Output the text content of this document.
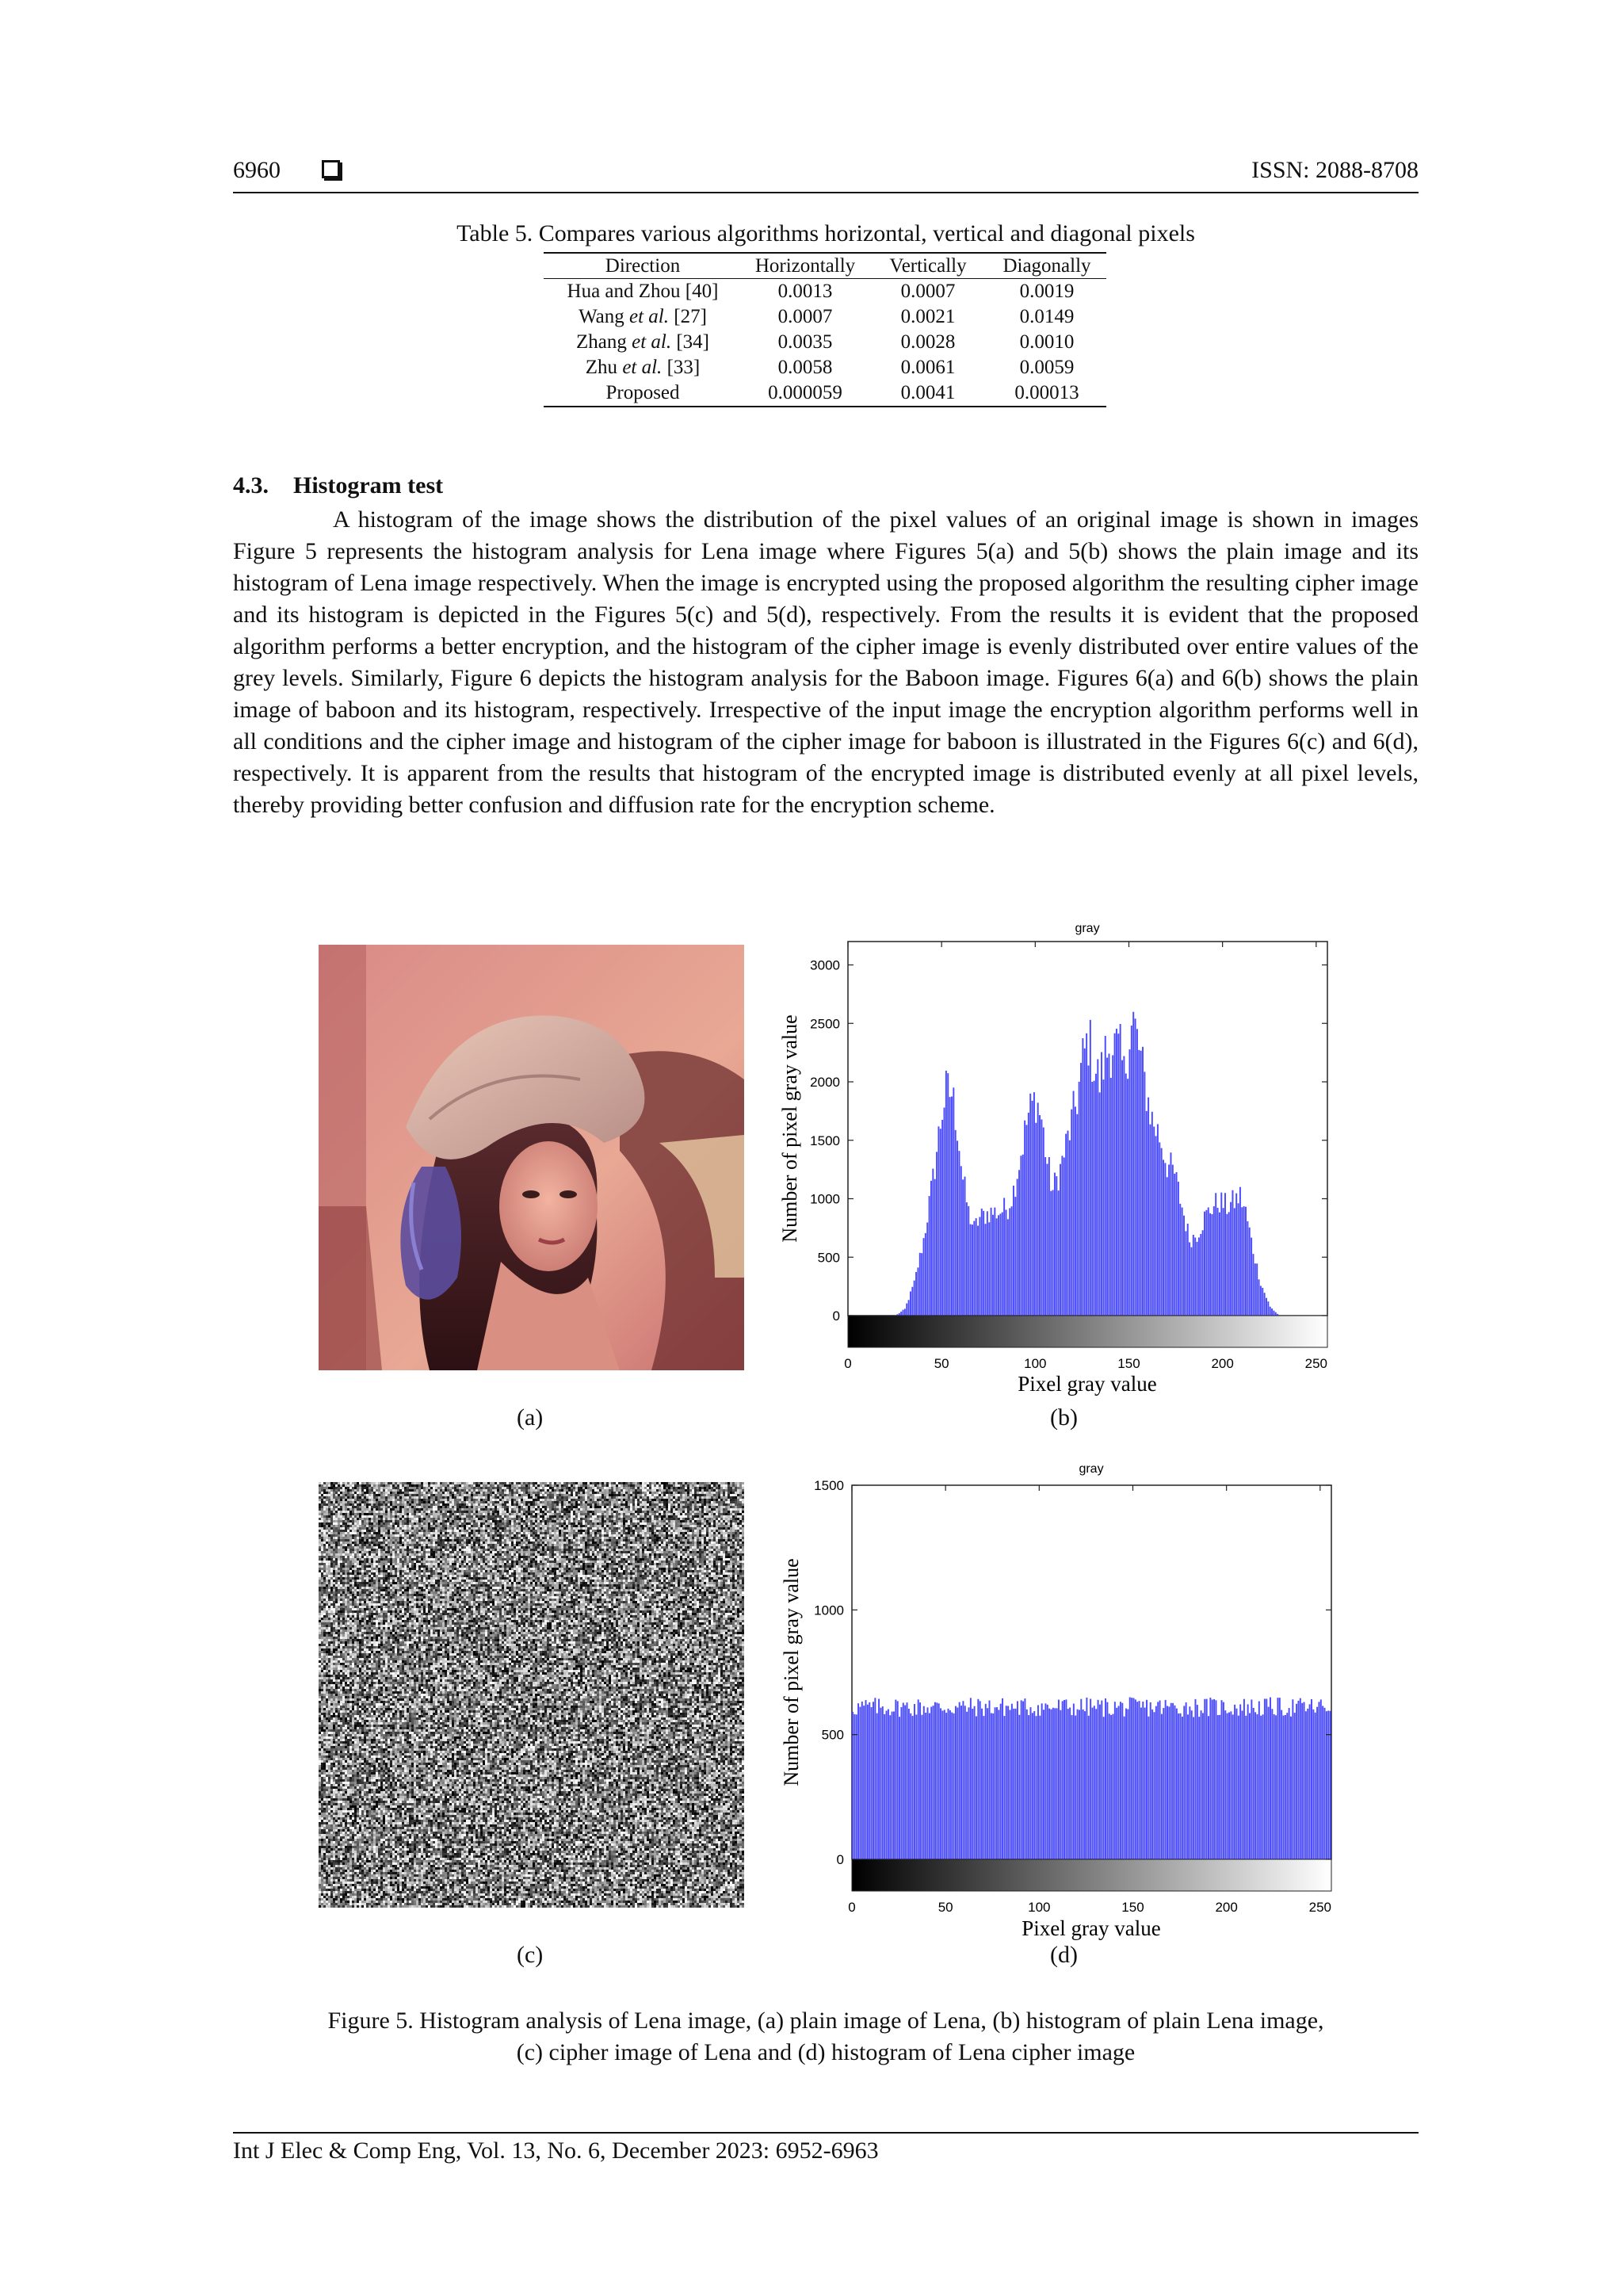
6960	ISSN: 2088-8708
Table 5. Compares various algorithms horizontal, vertical and diagonal pixels
Direction	Horizontally	Vertically	Diagonally
Hua and Zhou [40]	0.0013	0.0007	0.0019
Wang et al. [27]	0.0007	0.0021	0.0149
Zhang et al. [34]	0.0035	0.0028	0.0010
Zhu et al. [33]	0.0058	0.0061	0.0059
Proposed	0.000059	0.0041	0.00013
4.3. Histogram test

A histogram of the image shows the distribution of the pixel values of an original image is shown in images Figure 5 represents the histogram analysis for Lena image where Figures 5(a) and 5(b) shows the plain image and its histogram of Lena image respectively. When the image is encrypted using the proposed algorithm the resulting cipher image and its histogram is depicted in the Figures 5(c) and 5(d), respectively. From the results it is evident that the proposed algorithm performs a better encryption, and the histogram of the cipher image is evenly distributed over entire values of the grey levels. Similarly, Figure 6 depicts the histogram analysis for the Baboon image. Figures 6(a) and 6(b) shows the plain image of baboon and its histogram, respectively. Irrespective of the input image the encryption algorithm performs well in all conditions and the cipher image and histogram of the cipher image for baboon is illustrated in the Figures 6(c) and 6(d), respectively. It is apparent from the results that histogram of the encrypted image is distributed evenly at all pixel levels, thereby providing better confusion and diffusion rate for the encryption scheme.

gray
0
500
1000
1500
2000
2500
3000
0	50	100	150	200	250
Number of pixel gray value
Pixel gray value
gray
0
500
1000
1500
0	50	100	150	200	250
Number of pixel gray value
Pixel gray value
(a)	(b)
(c)	(d)
Figure 5. Histogram analysis of Lena image, (a) plain image of Lena, (b) histogram of plain Lena image,
(c) cipher image of Lena and (d) histogram of Lena cipher image
Int J Elec & Comp Eng, Vol. 13, No. 6, December 2023: 6952-6963
